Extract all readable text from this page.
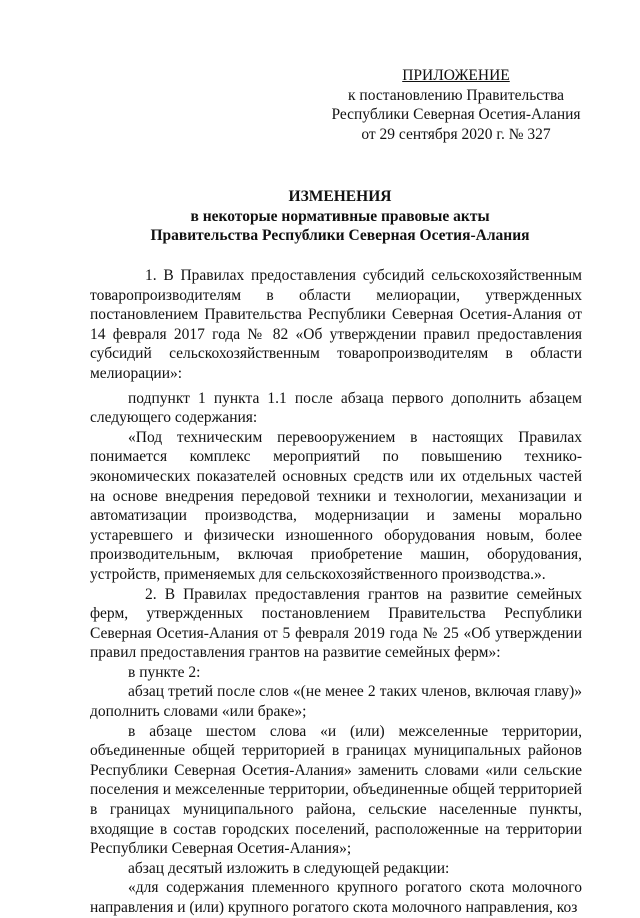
ПРИЛОЖЕНИЕ
к постановлению Правительства
Республики Северная Осетия-Алания
от 29 сентября 2020 г. № 327
ИЗМЕНЕНИЯ
в некоторые нормативные правовые акты
Правительства Республики Северная Осетия-Алания

1. В Правилах предоставления субсидий сельскохозяйственным товаропроизводителям в области мелиорации, утвержденных постановлением Правительства Республики Северная Осетия-Алания от 14 февраля 2017 года № 82 «Об утверждении правил предоставления субсидий сельскохозяйственным товаропроизводителям в области мелиорации»:

подпункт 1 пункта 1.1 после абзаца первого дополнить абзацем следующего содержания:

«Под техническим перевооружением в настоящих Правилах понимается комплекс мероприятий по повышению технико-экономических показателей основных средств или их отдельных частей на основе внедрения передовой техники и технологии, механизации и автоматизации производства, модернизации и замены морально устаревшего и физически изношенного оборудования новым, более производительным, включая приобретение машин, оборудования, устройств, применяемых для сельскохозяйственного производства.».

2. В Правилах предоставления грантов на развитие семейных ферм, утвержденных постановлением Правительства Республики Северная Осетия-Алания от 5 февраля 2019 года № 25 «Об утверждении правил предоставления грантов на развитие семейных ферм»:

в пункте 2:

абзац третий после слов «(не менее 2 таких членов, включая главу)» дополнить словами «или браке»;

в абзаце шестом слова «и (или) межселенные территории, объединенные общей территорией в границах муниципальных районов Республики Северная Осетия-Алания» заменить словами «или сельские поселения и межселенные территории, объединенные общей территорией в границах муниципального района, сельские населенные пункты, входящие в состав городских поселений, расположенные на территории Республики Северная Осетия-Алания»;

абзац десятый изложить в следующей редакции:

«для содержания племенного крупного рогатого скота молочного направления и (или) крупного рогатого скота молочного направления, коз
